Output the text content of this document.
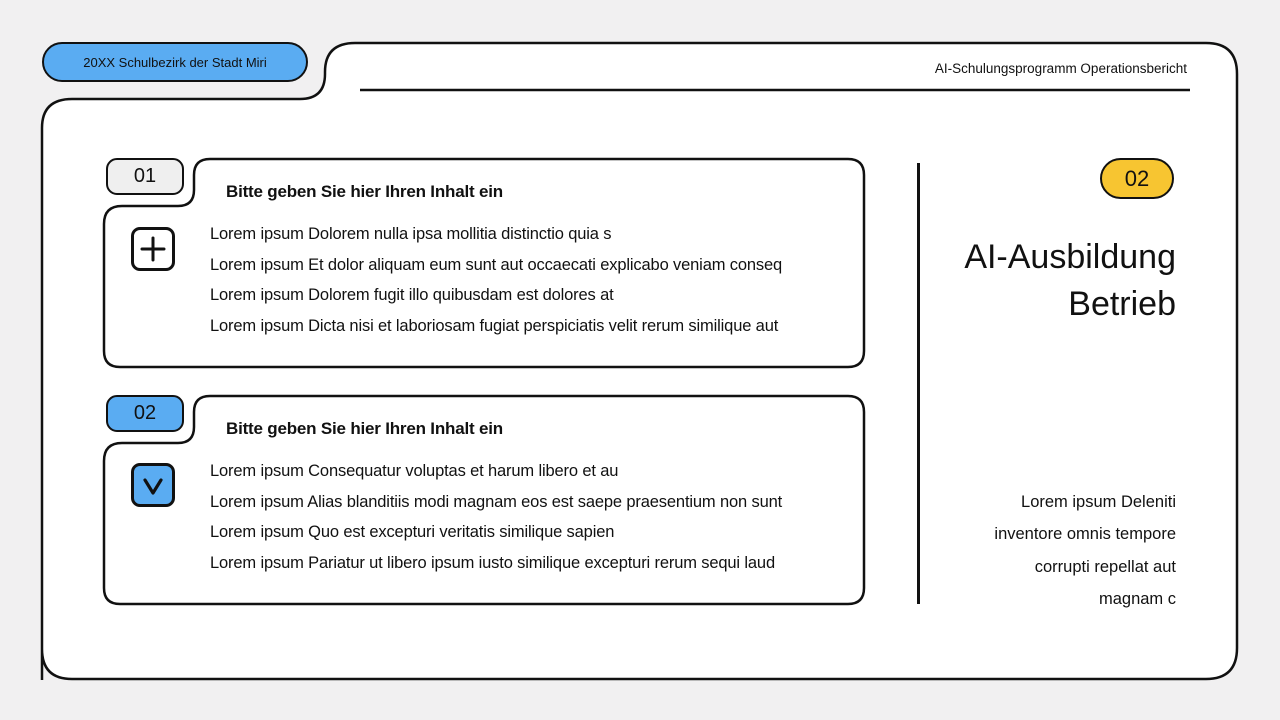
20XX Schulbezirk der Stadt Miri	AI-Schulungsprogramm Operationsbericht
01
Bitte geben Sie hier Ihren Inhalt ein
Lorem ipsum Dolorem nulla ipsa mollitia distinctio quia s
Lorem ipsum Et dolor aliquam eum sunt aut occaecati explicabo veniam conseq
Lorem ipsum Dolorem fugit illo quibusdam est dolores at
Lorem ipsum Dicta nisi et laboriosam fugiat perspiciatis velit rerum similique aut
02
Bitte geben Sie hier Ihren Inhalt ein
Lorem ipsum Consequatur voluptas et harum libero et au
Lorem ipsum Alias blanditiis modi magnam eos est saepe praesentium non sunt
Lorem ipsum Quo est excepturi veritatis similique sapien
Lorem ipsum Pariatur ut libero ipsum iusto similique excepturi rerum sequi laud
02
AI-Ausbildung
Betrieb
Lorem ipsum Deleniti
inventore omnis tempore
corrupti repellat aut
magnam c
